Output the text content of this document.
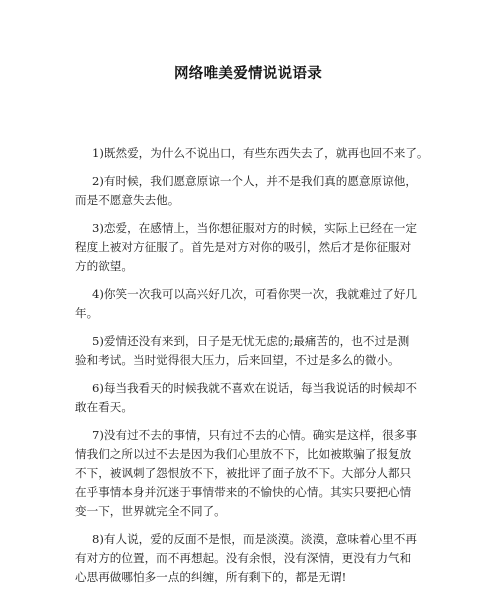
网络唯美爱情说说语录
1)既然爱，为什么不说出口，有些东西失去了，就再也回不来了。
2)有时候，我们愿意原谅一个人，并不是我们真的愿意原谅他，
而是不愿意失去他。
3)恋爱，在感情上，当你想征服对方的时候，实际上已经在一定
程度上被对方征服了。首先是对方对你的吸引，然后才是你征服对
方的欲望。
4)你笑一次我可以高兴好几次，可看你哭一次，我就难过了好几
年。
5)爱情还没有来到，日子是无忧无虑的;最痛苦的，也不过是测
验和考试。当时觉得很大压力，后来回望，不过是多么的微小。
6)每当我看天的时候我就不喜欢在说话，每当我说话的时候却不
敢在看天。
7)没有过不去的事情，只有过不去的心情。确实是这样，很多事
情我们之所以过不去是因为我们心里放不下，比如被欺骗了报复放
不下，被讽刺了怨恨放不下，被批评了面子放不下。大部分人都只
在乎事情本身并沉迷于事情带来的不愉快的心情。其实只要把心情
变一下，世界就完全不同了。
8)有人说，爱的反面不是恨，而是淡漠。淡漠，意味着心里不再
有对方的位置，而不再想起。没有余恨，没有深情，更没有力气和
心思再做哪怕多一点的纠缠，所有剩下的，都是无谓!
